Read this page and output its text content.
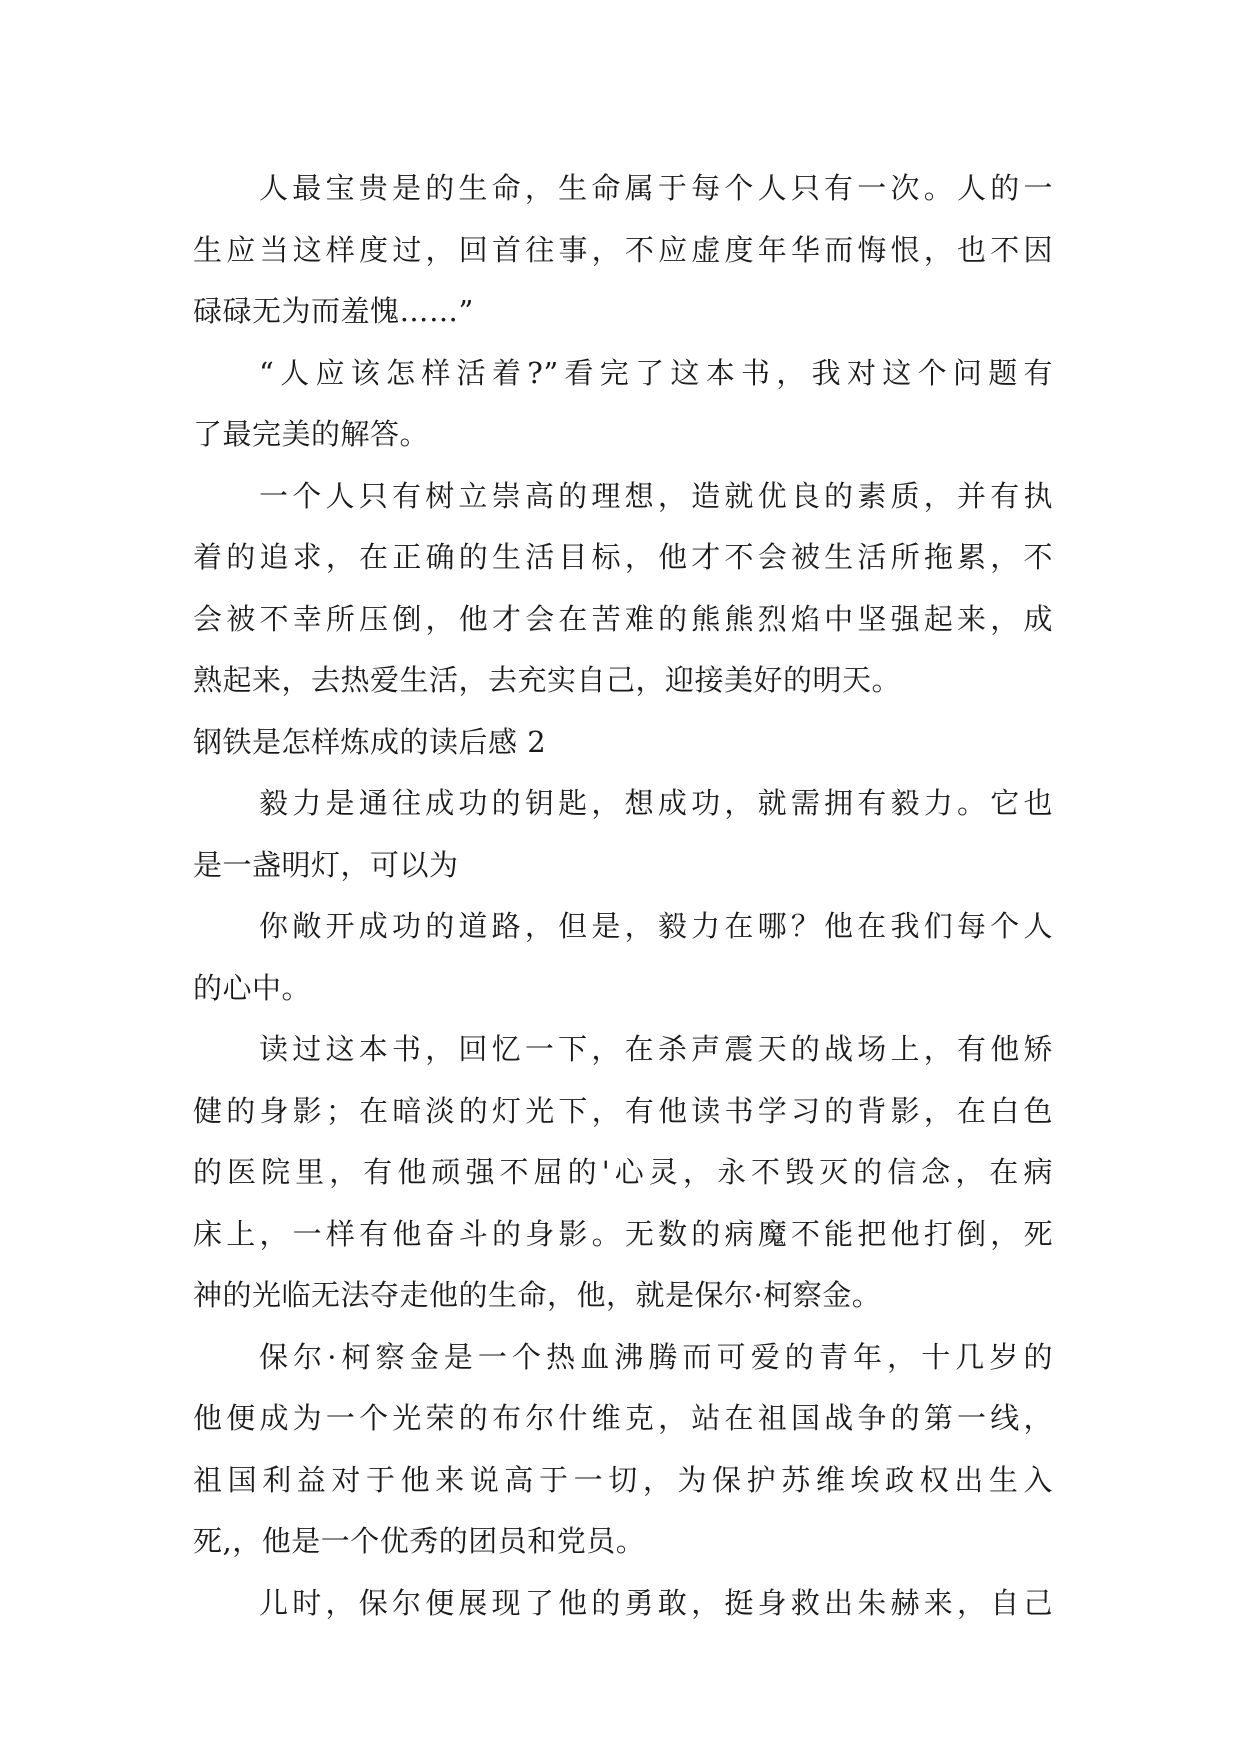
人最宝贵是的生命，生命属于每个人只有一次。人的一
生应当这样度过，回首往事，不应虚度年华而悔恨，也不因
碌碌无为而羞愧……”
“人应该怎样活着?”看完了这本书，我对这个问题有
了最完美的解答。
一个人只有树立崇高的理想，造就优良的素质，并有执
着的追求，在正确的生活目标，他才不会被生活所拖累，不
会被不幸所压倒，他才会在苦难的熊熊烈焰中坚强起来，成
熟起来，去热爱生活，去充实自己，迎接美好的明天。
钢铁是怎样炼成的读后感 2
毅力是通往成功的钥匙，想成功，就需拥有毅力。它也
是一盏明灯，可以为
你敞开成功的道路，但是，毅力在哪？他在我们每个人
的心中。
读过这本书，回忆一下，在杀声震天的战场上，有他矫
健的身影；在暗淡的灯光下，有他读书学习的背影，在白色
的医院里，有他顽强不屈的'心灵，永不毁灭的信念，在病
床上，一样有他奋斗的身影。无数的病魔不能把他打倒，死
神的光临无法夺走他的生命，他，就是保尔·柯察金。
保尔·柯察金是一个热血沸腾而可爱的青年，十几岁的
他便成为一个光荣的布尔什维克，站在祖国战争的第一线，
祖国利益对于他来说高于一切，为保护苏维埃政权出生入
死,，他是一个优秀的团员和党员。
儿时，保尔便展现了他的勇敢，挺身救出朱赫来，自己
